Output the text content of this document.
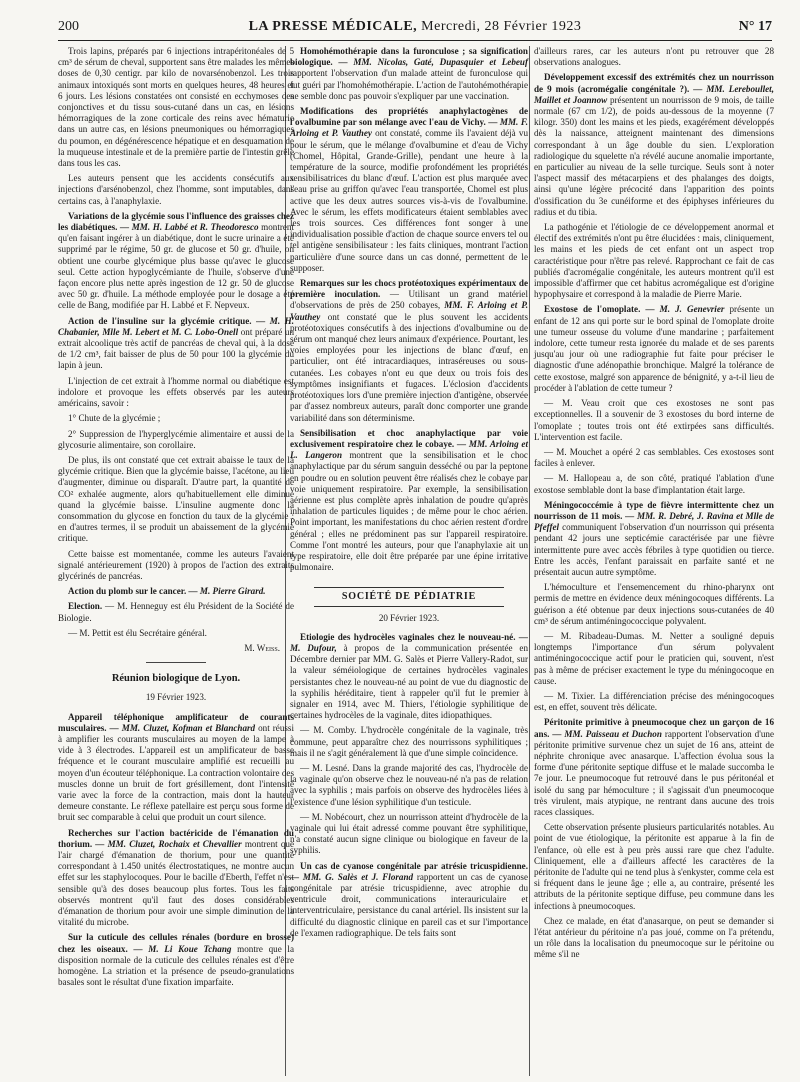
200	LA PRESSE MÉDICALE, Mercredi, 28 Février 1923	N° 17

Trois lapins, préparés par 6 injections intrapéritonéales de 5 cm³ de sérum de cheval, supportent sans être malades les mêmes doses de 0,30 centigr. par kilo de novarsénobenzol. Les trois animaux intoxiqués sont morts en quelques heures, 48 heures et 6 jours. Les lésions constatées ont consisté en ecchymoses des conjonctives et du tissu sous-cutané dans un cas, en lésions hémorragiques de la zone corticale des reins avec hématurie dans un autre cas, en lésions pneumoniques ou hémorragiques du poumon, en dégénérescence hépatique et en desquamation de la muqueuse intestinale et de la première partie de l'intestin grêle dans tous les cas.

Les auteurs pensent que les accidents consécutifs aux injections d'arsénobenzol, chez l'homme, sont imputables, dans certains cas, à l'anaphylaxie.

Variations de la glycémie sous l'influence des graisses chez les diabétiques. — MM. H. Labbé et R. Theodoresco montrent qu'en faisant ingérer à un diabétique, dont le sucre urinaire a été supprimé par le régime, 50 gr. de glucose et 50 gr. d'huile, on obtient une courbe glycémique plus basse qu'avec le glucose seul. Cette action hypoglycémiante de l'huile, s'observe d'une façon encore plus nette après ingestion de 12 gr. 50 de glucose avec 50 gr. d'huile. La méthode employée pour le dosage a été celle de Bang, modifiée par H. Labbé et F. Nepveux.

Action de l'insuline sur la glycémie critique. — M. H. Chabanier, Mlle M. Lebert et M. C. Lobo-Onell ont préparé un extrait alcoolique très actif de pancréas de cheval qui, à la dose de 1/2 cm³, fait baisser de plus de 50 pour 100 la glycémie du lapin à jeun.

L'injection de cet extrait à l'homme normal ou diabétique est indolore et provoque les effets observés par les auteurs américains, savoir :

1° Chute de la glycémie ;

2° Suppression de l'hyperglycémie alimentaire et aussi de la glycosurie alimentaire, son corollaire.

De plus, ils ont constaté que cet extrait abaisse le taux de la glycémie critique. Bien que la glycémie baisse, l'acétone, au lieu d'augmenter, diminue ou disparaît. D'autre part, la quantité de CO² exhalée augmente, alors qu'habituellement elle diminue quand la glycémie baisse. L'insuline augmente donc la consommation du glycose en fonction du taux de la glycémie : en d'autres termes, il se produit un abaissement de la glycémie critique.

Cette baisse est momentanée, comme les auteurs l'avaient signalé antérieurement (1920) à propos de l'action des extraits glycérinés de pancréas.

Action du plomb sur le cancer. — M. Pierre Girard.

Election. — M. Henneguy est élu Président de la Société de Biologie.

— M. Pettit est élu Secrétaire général.

M. Weiss.

Réunion biologique de Lyon.

19 Février 1923.

Appareil téléphonique amplificateur de courants musculaires. — MM. Cluzet, Kofman et Blanchard ont réussi à amplifier les courants musculaires au moyen de la lampe à vide à 3 électrodes. L'appareil est un amplificateur de basse fréquence et le courant musculaire amplifié est recueilli au moyen d'un écouteur téléphonique. La contraction volontaire des muscles donne un bruit de fort grésillement, dont l'intensité varie avec la force de la contraction, mais dont la hauteur demeure constante. Le réflexe patellaire est perçu sous forme de bruit sec comparable à celui que produit un court silence.

Recherches sur l'action bactéricide de l'émanation du thorium. — MM. Cluzet, Rochaix et Chevallier montrent que l'air chargé d'émanation de thorium, pour une quantité correspondant à 1.450 unités électrostatiques, ne montre aucun effet sur les staphylocoques. Pour le bacille d'Eberth, l'effet n'est sensible qu'à des doses beaucoup plus fortes. Tous les faits observés montrent qu'il faut des doses considérables d'émanation de thorium pour avoir une simple diminution de la vitalité du microbe.

Sur la cuticule des cellules rénales (bordure en brosse) chez les oiseaux. — M. Li Koue Tchang montre que la disposition normale de la cuticule des cellules rénales est d'être homogène. La striation et la présence de pseudo-granulations basales sont le résultat d'une fixation imparfaite.

Homohémothérapie dans la furonculose ; sa signification biologique. — MM. Nicolas, Gaté, Dupasquier et Lebeuf rapportent l'observation d'un malade atteint de furonculose qui fut guéri par l'homohémothérapie. L'action de l'autohémothérapie ne semble donc pas pouvoir s'expliquer par une vaccination.

Modifications des propriétés anaphylactogènes de l'ovalbumine par son mélange avec l'eau de Vichy. — MM. F. Arloing et P. Vauthey ont constaté, comme ils l'avaient déjà vu pour le sérum, que le mélange d'ovalbumine et d'eau de Vichy (Chomel, Hôpital, Grande-Grille), pendant une heure à la température de la source, modifie profondément les propriétés sensibilisatrices du blanc d'œuf. L'action est plus marquée avec l'eau prise au griffon qu'avec l'eau transportée, Chomel est plus active que les deux autres sources vis-à-vis de l'ovalbumine. Avec le sérum, les effets modificateurs étaient semblables avec les trois sources. Ces différences font songer à une individualisation possible d'action de chaque source envers tel ou tel antigène sensibilisateur : les faits cliniques, montrant l'action particulière d'une source dans un cas donné, permettent de le supposer.

Remarques sur les chocs protéotoxiques expérimentaux de première inoculation. — Utilisant un grand matériel d'observations de près de 250 cobayes, MM. F. Arloing et P. Vauthey ont constaté que le plus souvent les accidents protéotoxiques consécutifs à des injections d'ovalbumine ou de sérum ont manqué chez leurs animaux d'expérience. Pourtant, les voies employées pour les injections de blanc d'œuf, en particulier, ont été intracardiaques, intraséreuses ou sous-cutanées. Les cobayes n'ont eu que deux ou trois fois des symptômes insignifiants et fugaces. L'éclosion d'accidents protéotoxiques lors d'une première injection d'antigène, observée par d'assez nombreux auteurs, paraît donc comporter une grande variabilité dans son déterminisme.

Sensibilisation et choc anaphylactique par voie exclusivement respiratoire chez le cobaye. — MM. Arloing et L. Langeron montrent que la sensibilisation et le choc anaphylactique par du sérum sanguin desséché ou par la peptone en poudre ou en solution peuvent être réalisés chez le cobaye par voie uniquement respiratoire. Par exemple, la sensibilisation aérienne est plus complète après inhalation de poudre qu'après inhalation de particules liquides ; de même pour le choc aérien. Point important, les manifestations du choc aérien restent d'ordre général ; elles ne prédominent pas sur l'appareil respiratoire. Comme l'ont montré les auteurs, pour que l'anaphylaxie ait un type respiratoire, elle doit être préparée par une épine irritative pulmonaire.

SOCIÉTÉ DE PÉDIATRIE

20 Février 1923.

Etiologie des hydrocèles vaginales chez le nouveau-né. — M. Dufour, à propos de la communication présentée en Décembre dernier par MM. G. Salès et Pierre Vallery-Radot, sur la valeur séméiologique de certaines hydrocèles vaginales persistantes chez le nouveau-né au point de vue du diagnostic de la syphilis héréditaire, tient à rappeler qu'il fut le premier à signaler en 1914, avec M. Thiers, l'étiologie syphilitique de certaines hydrocèles de la vaginale, dites idiopathiques.

— M. Comby. L'hydrocèle congénitale de la vaginale, très commune, peut apparaître chez des nourrissons syphilitiques ; mais il ne s'agit généralement là que d'une simple coïncidence.

— M. Lesné. Dans la grande majorité des cas, l'hydrocèle de la vaginale qu'on observe chez le nouveau-né n'a pas de relation avec la syphilis ; mais parfois on observe des hydrocèles liées à l'existence d'une lésion syphilitique d'un testicule.

— M. Nobécourt, chez un nourrisson atteint d'hydrocèle de la vaginale qui lui était adressé comme pouvant être syphilitique, n'a constaté aucun signe clinique ou biologique en faveur de la syphilis.

Un cas de cyanose congénitale par atrésie tricuspidienne. — MM. G. Salès et J. Florand rapportent un cas de cyanose congénitale par atrésie tricuspidienne, avec atrophie du ventricule droit, communications interauriculaire et interventriculaire, persistance du canal artériel. Ils insistent sur la difficulté du diagnostic clinique en pareil cas et sur l'importance de l'examen radiographique. De tels faits sont

d'ailleurs rares, car les auteurs n'ont pu retrouver que 28 observations analogues.

Développement excessif des extrémités chez un nourrisson de 9 mois (acromégalie congénitale ?). — MM. Lereboullet, Maillet et Joannow présentent un nourrisson de 9 mois, de taille normale (67 cm 1/2), de poids au-dessous de la moyenne (7 kilogr. 350) dont les mains et les pieds, exagérément développés dès la naissance, atteignent maintenant des dimensions correspondant à un âge double du sien. L'exploration radiologique du squelette n'a révélé aucune anomalie importante, en particulier au niveau de la selle turcique. Seuls sont à noter l'aspect massif des métacarpiens et des phalanges des doigts, ainsi qu'une légère précocité dans l'apparition des points d'ossification du 3e cunéiforme et des épiphyses inférieures du radius et du tibia.

La pathogénie et l'étiologie de ce développement anormal et électif des extrémités n'ont pu être élucidées : mais, cliniquement, les mains et les pieds de cet enfant ont un aspect trop caractéristique pour n'être pas relevé. Rapprochant ce fait de cas publiés d'acromégalie congénitale, les auteurs montrent qu'il est impossible d'affirmer que cet habitus acromégalique est d'origine hypophysaire et correspond à la maladie de Pierre Marie.

Exostose de l'omoplate. — M. J. Genevrier présente un enfant de 12 ans qui porte sur le bord spinal de l'omoplate droite une tumeur osseuse du volume d'une mandarine ; parfaitement indolore, cette tumeur resta ignorée du malade et de ses parents jusqu'au jour où une radiographie fut faite pour préciser le diagnostic d'une adénopathie bronchique. Malgré la tolérance de cette exostose, malgré son apparence de bénignité, y a-t-il lieu de procéder à l'ablation de cette tumeur ?

— M. Veau croit que ces exostoses ne sont pas exceptionnelles. Il a souvenir de 3 exostoses du bord interne de l'omoplate ; toutes trois ont été extirpées sans difficultés. L'intervention est facile.

— M. Mouchet a opéré 2 cas semblables. Ces exostoses sont faciles à enlever.

— M. Hallopeau a, de son côté, pratiqué l'ablation d'une exostose semblable dont la base d'implantation était large.

Méningococcémie à type de fièvre intermittente chez un nourrisson de 11 mois. — MM. R. Debré, J. Ravina et Mlle de Pfeffel communiquent l'observation d'un nourrisson qui présenta pendant 42 jours une septicémie caractérisée par une fièvre intermittente pure avec accès fébriles à type quotidien ou tierce. Entre les accès, l'enfant paraissait en parfaite santé et ne présentait aucun autre symptôme.

L'hémoculture et l'ensemencement du rhino-pharynx ont permis de mettre en évidence deux méningocoques différents. La guérison a été obtenue par deux injections sous-cutanées de 40 cm³ de sérum antiméningococcique polyvalent.

— M. Ribadeau-Dumas. M. Netter a souligné depuis longtemps l'importance d'un sérum polyvalent antiméningococcique actif pour le praticien qui, souvent, n'est pas à même de préciser exactement le type du méningocoque en cause.

— M. Tixier. La différenciation précise des méningocoques est, en effet, souvent très délicate.

Péritonite primitive à pneumocoque chez un garçon de 16 ans. — MM. Paisseau et Duchon rapportent l'observation d'une péritonite primitive survenue chez un sujet de 16 ans, atteint de néphrite chronique avec anasarque. L'affection évolua sous la forme d'une péritonite septique diffuse et le malade succomba le 7e jour. Le pneumocoque fut retrouvé dans le pus péritonéal et isolé du sang par hémoculture ; il s'agissait d'un pneumocoque très virulent, mais atypique, ne rentrant dans aucune des trois races classiques.

Cette observation présente plusieurs particularités notables. Au point de vue étiologique, la péritonite est apparue à la fin de l'enfance, où elle est à peu près aussi rare que chez l'adulte. Cliniquement, elle a d'ailleurs affecté les caractères de la péritonite de l'adulte qui ne tend plus à s'enkyster, comme cela est si fréquent dans le jeune âge ; elle a, au contraire, présenté les attributs de la péritonite septique diffuse, peu commune dans les infections à pneumocoques.

Chez ce malade, en état d'anasarque, on peut se demander si l'état antérieur du péritoine n'a pas joué, comme on l'a prétendu, un rôle dans la localisation du pneumocoque sur le péritoine ou même s'il ne
